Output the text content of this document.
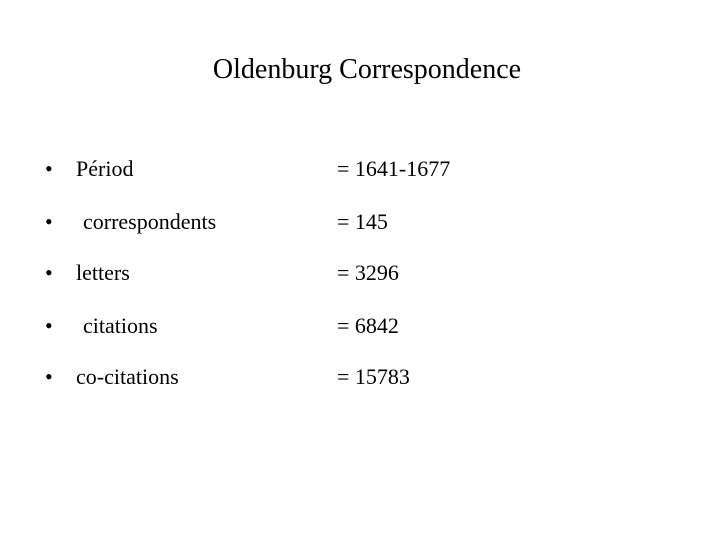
Oldenburg Correspondence
• Périod	= 1641-1677
• correspondents	= 145
• letters	= 3296
• citations	= 6842
• co-citations	= 15783
